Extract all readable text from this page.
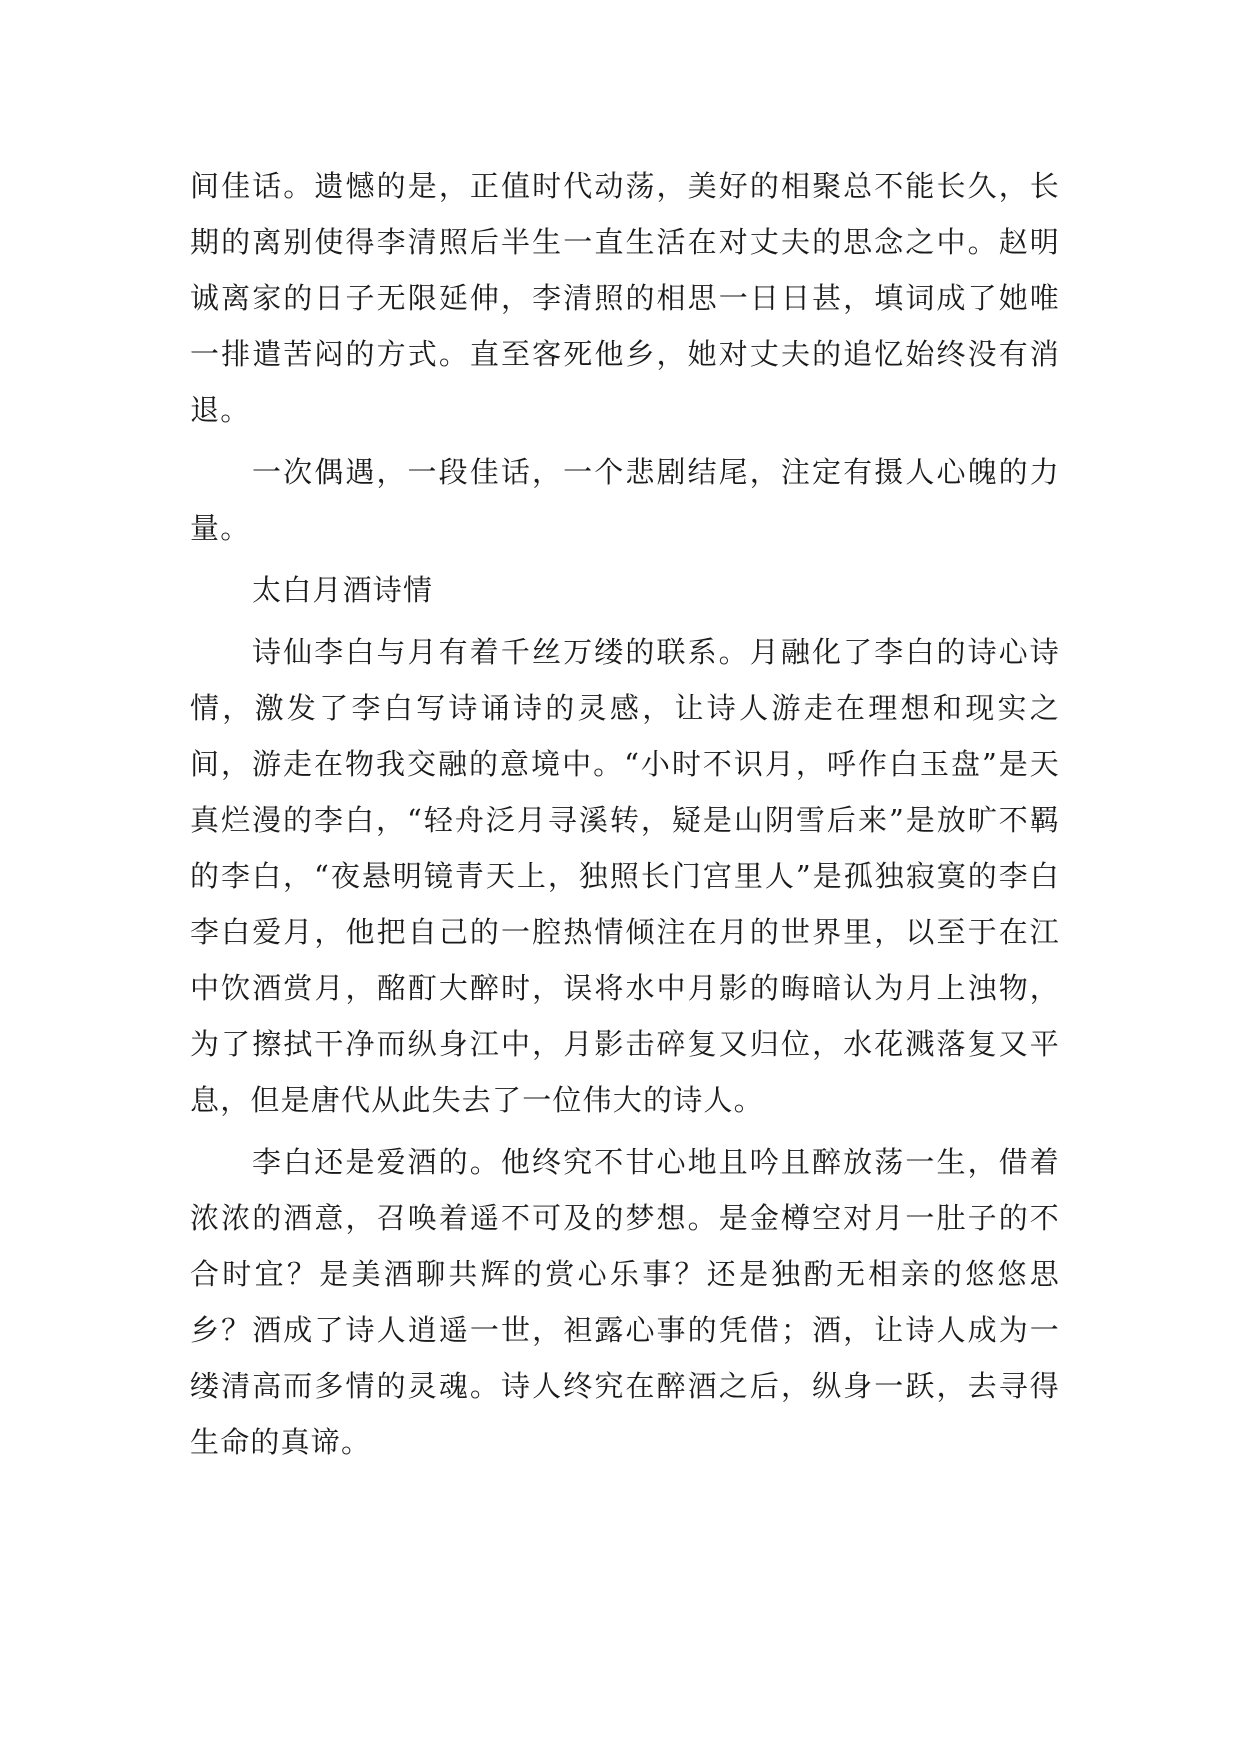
间佳话。遗憾的是，正值时代动荡，美好的相聚总不能长久，长期的离别使得李清照后半生一直生活在对丈夫的思念之中。赵明诚离家的日子无限延伸，李清照的相思一日日甚，填词成了她唯一排遣苦闷的方式。直至客死他乡，她对丈夫的追忆始终没有消退。

一次偶遇，一段佳话，一个悲剧结尾，注定有摄人心魄的力量。

太白月酒诗情

诗仙李白与月有着千丝万缕的联系。月融化了李白的诗心诗情，激发了李白写诗诵诗的灵感，让诗人游走在理想和现实之间，游走在物我交融的意境中。“小时不识月，呼作白玉盘”是天真烂漫的李白，“轻舟泛月寻溪转，疑是山阴雪后来”是放旷不羁的李白，“夜悬明镜青天上，独照长门宫里人”是孤独寂寞的李白李白爱月，他把自己的一腔热情倾注在月的世界里，以至于在江中饮酒赏月，酩酊大醉时，误将水中月影的晦暗认为月上浊物，为了擦拭干净而纵身江中，月影击碎复又归位，水花溅落复又平息，但是唐代从此失去了一位伟大的诗人。

李白还是爱酒的。他终究不甘心地且吟且醉放荡一生，借着浓浓的酒意，召唤着遥不可及的梦想。是金樽空对月一肚子的不合时宜？是美酒聊共辉的赏心乐事？还是独酌无相亲的悠悠思乡？酒成了诗人逍遥一世，袒露心事的凭借；酒，让诗人成为一缕清高而多情的灵魂。诗人终究在醉酒之后，纵身一跃，去寻得生命的真谛。
